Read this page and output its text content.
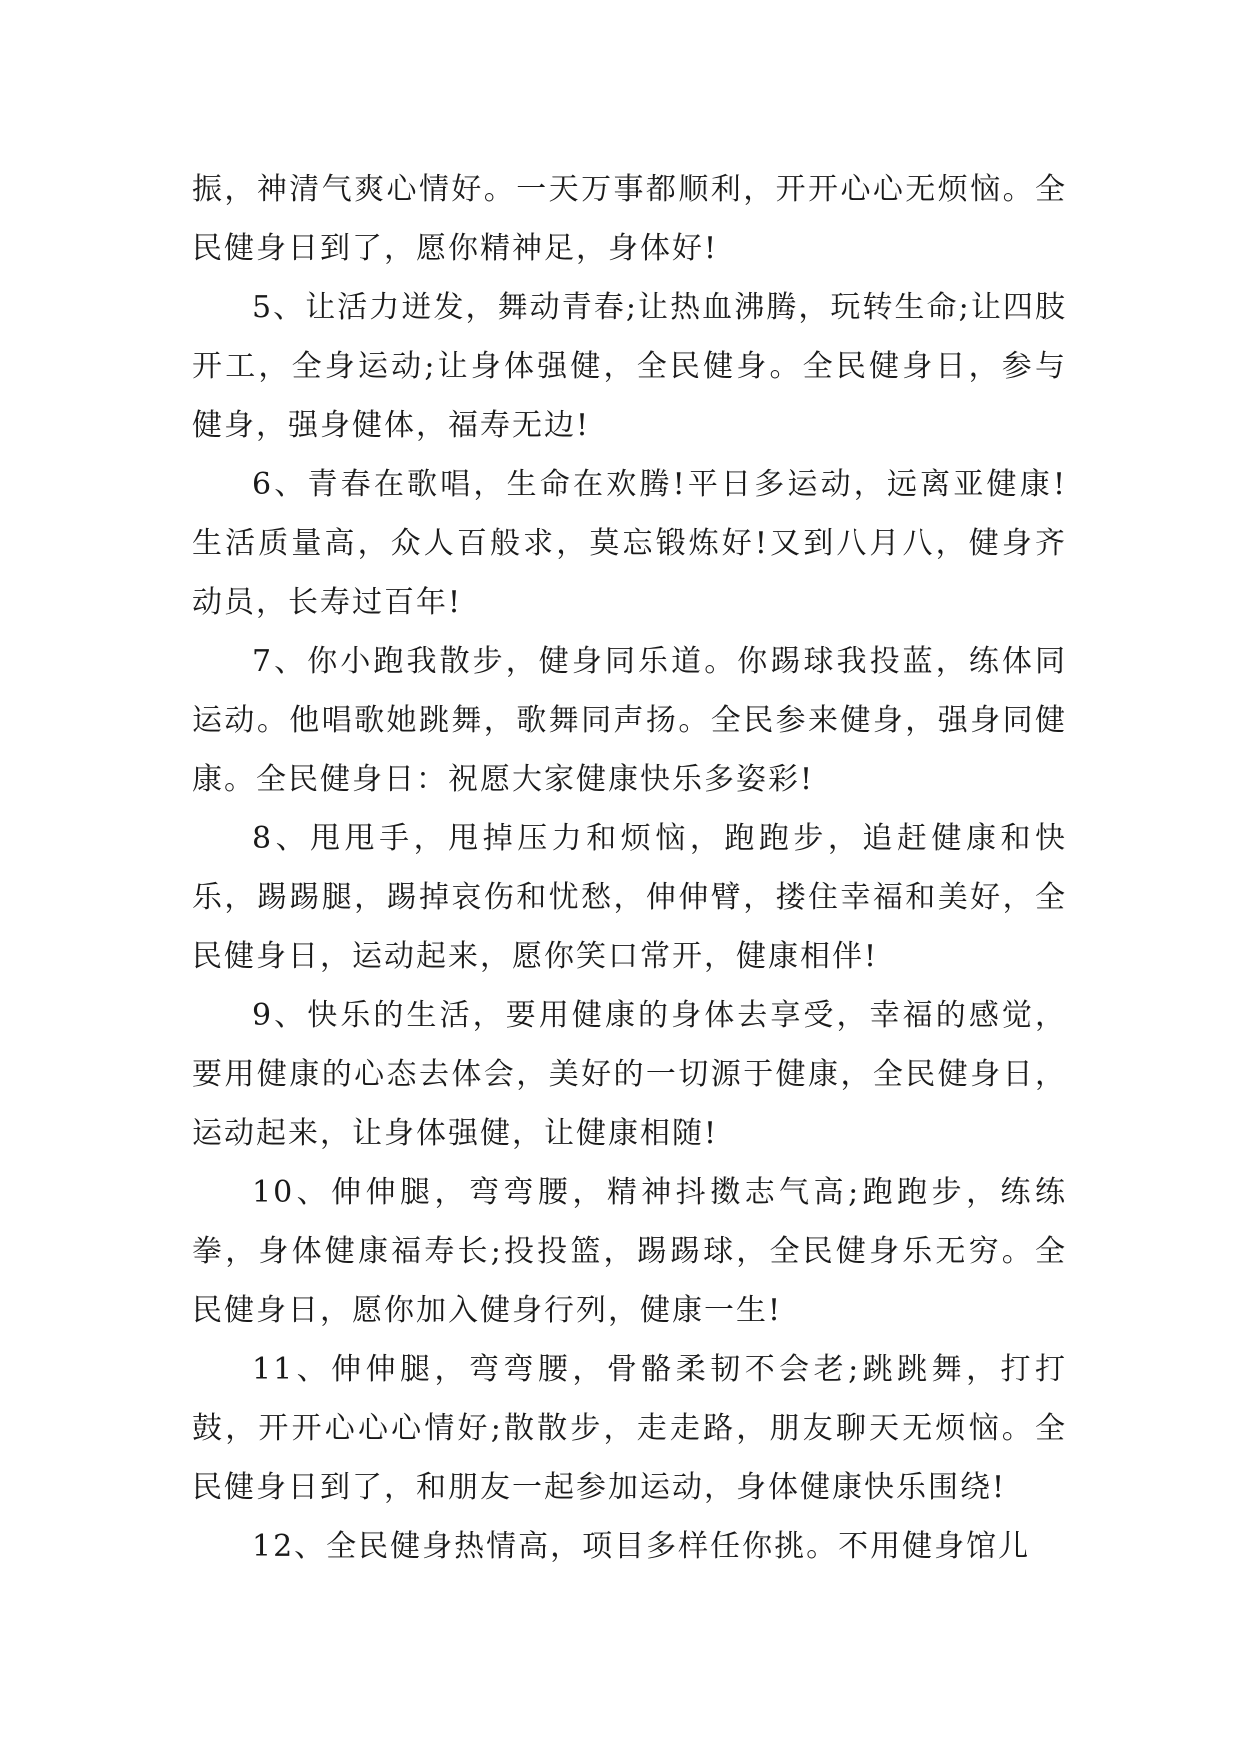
振，神清气爽心情好。一天万事都顺利，开开心心无烦恼。全民健身日到了，愿你精神足，身体好!

5、让活力迸发，舞动青春;让热血沸腾，玩转生命;让四肢开工，全身运动;让身体强健，全民健身。全民健身日，参与健身，强身健体，福寿无边!

6、青春在歌唱，生命在欢腾!平日多运动，远离亚健康!生活质量高，众人百般求，莫忘锻炼好!又到八月八，健身齐动员，长寿过百年!

7、你小跑我散步，健身同乐道。你踢球我投蓝，练体同运动。他唱歌她跳舞，歌舞同声扬。全民参来健身，强身同健康。全民健身日：祝愿大家健康快乐多姿彩!

8、甩甩手，甩掉压力和烦恼，跑跑步，追赶健康和快乐，踢踢腿，踢掉哀伤和忧愁，伸伸臂，搂住幸福和美好，全民健身日，运动起来，愿你笑口常开，健康相伴!

9、快乐的生活，要用健康的身体去享受，幸福的感觉，要用健康的心态去体会，美好的一切源于健康，全民健身日，运动起来，让身体强健，让健康相随!

10、伸伸腿，弯弯腰，精神抖擞志气高;跑跑步，练练拳，身体健康福寿长;投投篮，踢踢球，全民健身乐无穷。全民健身日，愿你加入健身行列，健康一生!

11、伸伸腿，弯弯腰，骨骼柔韧不会老;跳跳舞，打打鼓，开开心心心情好;散散步，走走路，朋友聊天无烦恼。全民健身日到了，和朋友一起参加运动，身体健康快乐围绕!

12、全民健身热情高，项目多样任你挑。不用健身馆儿
